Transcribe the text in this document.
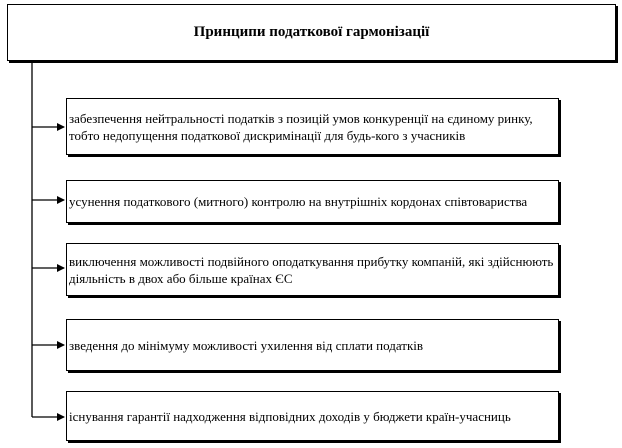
Принципи податкової гармонізації
забезпечення нейтральності податків з позицій умов конкуренції на єдиному ринку, тобто недопущення податкової дискримінації для будь-кого з учасників
усунення податкового (митного) контролю на внутрішніх кордонах співтовариства
виключення можливості подвійного оподаткування прибутку компаній, які здійснюють діяльність в двох або більше країнах ЄС
зведення до мінімуму можливості ухилення від сплати податків
існування гарантії надходження відповідних доходів у бюджети країн-учасниць
